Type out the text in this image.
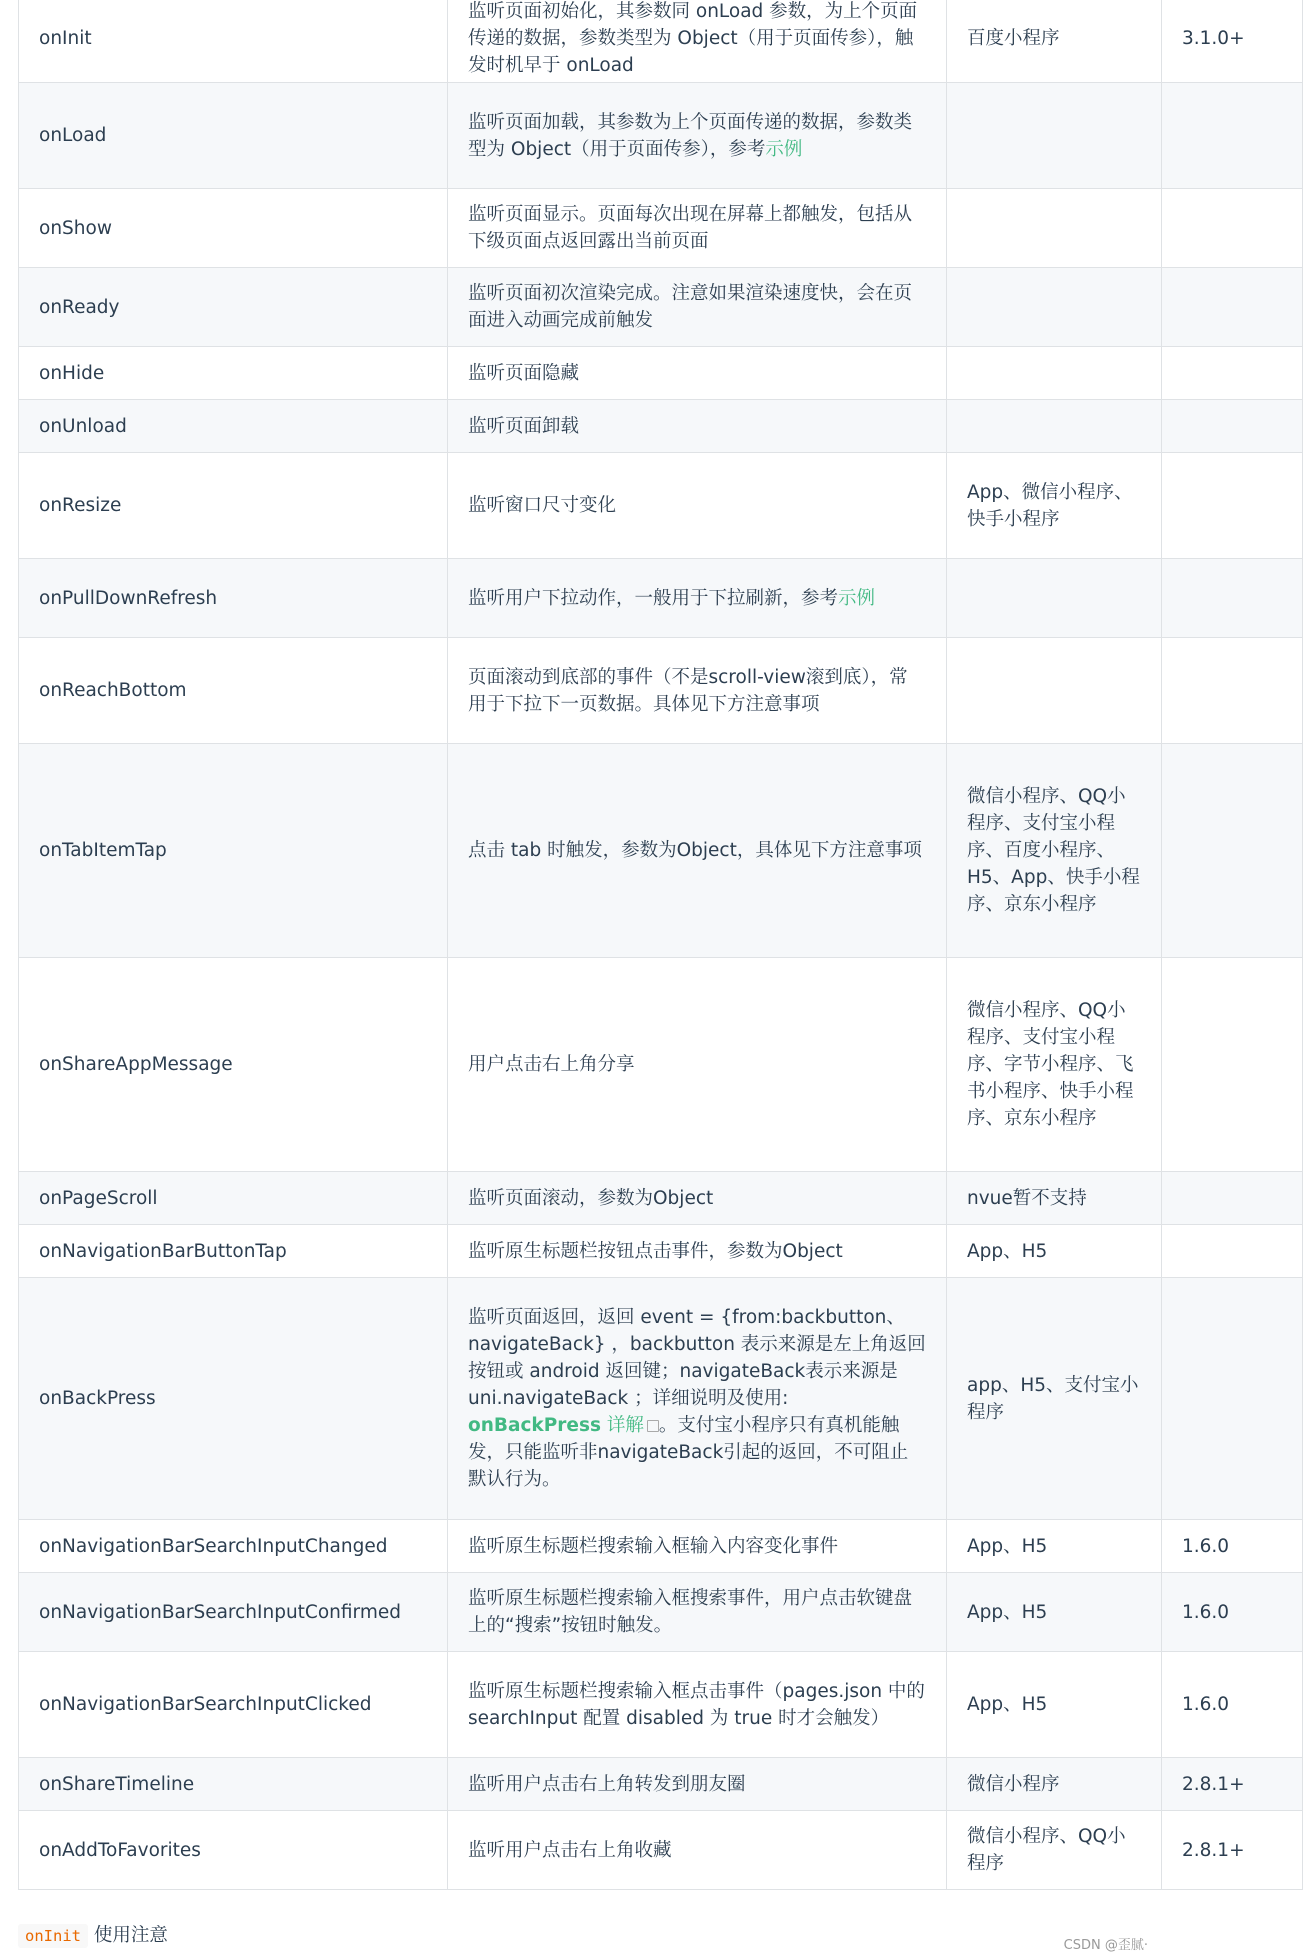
onInit	监听页面初始化，其参数同 onLoad 参数，为上个页面传递的数据，参数类型为 Object（用于页面传参），触发时机早于 onLoad	百度小程序	3.1.0+
onLoad	监听页面加载，其参数为上个页面传递的数据，参数类型为 Object（用于页面传参），参考示例		
onShow	监听页面显示。页面每次出现在屏幕上都触发，包括从下级页面点返回露出当前页面		
onReady	监听页面初次渲染完成。注意如果渲染速度快，会在页面进入动画完成前触发		
onHide	监听页面隐藏		
onUnload	监听页面卸载		
onResize	监听窗口尺寸变化	App、微信小程序、快手小程序	
onPullDownRefresh	监听用户下拉动作，一般用于下拉刷新，参考示例		
onReachBottom	页面滚动到底部的事件（不是scroll-view滚到底），常用于下拉下一页数据。具体见下方注意事项		
onTabItemTap	点击 tab 时触发，参数为Object，具体见下方注意事项	微信小程序、QQ小程序、支付宝小程序、百度小程序、H5、App、快手小程序、京东小程序	
onShareAppMessage	用户点击右上角分享	微信小程序、QQ小程序、支付宝小程序、字节小程序、飞书小程序、快手小程序、京东小程序	
onPageScroll	监听页面滚动，参数为Object	nvue暂不支持	
onNavigationBarButtonTap	监听原生标题栏按钮点击事件，参数为Object	App、H5	
onBackPress	监听页面返回，返回 event = {from:backbutton、 navigateBack} ，backbutton 表示来源是左上角返回按钮或 android 返回键；navigateBack表示来源是 uni.navigateBack ；详细说明及使用: onBackPress 详解 。支付宝小程序只有真机能触发，只能监听非navigateBack引起的返回，不可阻止默认行为。	app、H5、支付宝小程序	
onNavigationBarSearchInputChanged	监听原生标题栏搜索输入框输入内容变化事件	App、H5	1.6.0
onNavigationBarSearchInputConfirmed	监听原生标题栏搜索输入框搜索事件，用户点击软键盘上的“搜索”按钮时触发。	App、H5	1.6.0
onNavigationBarSearchInputClicked	监听原生标题栏搜索输入框点击事件（pages.json 中的 searchInput 配置 disabled 为 true 时才会触发）	App、H5	1.6.0
onShareTimeline	监听用户点击右上角转发到朋友圈	微信小程序	2.8.1+
onAddToFavorites	监听用户点击右上角收藏	微信小程序、QQ小程序	2.8.1+
onInit 使用注意	CSDN @歪腻·
